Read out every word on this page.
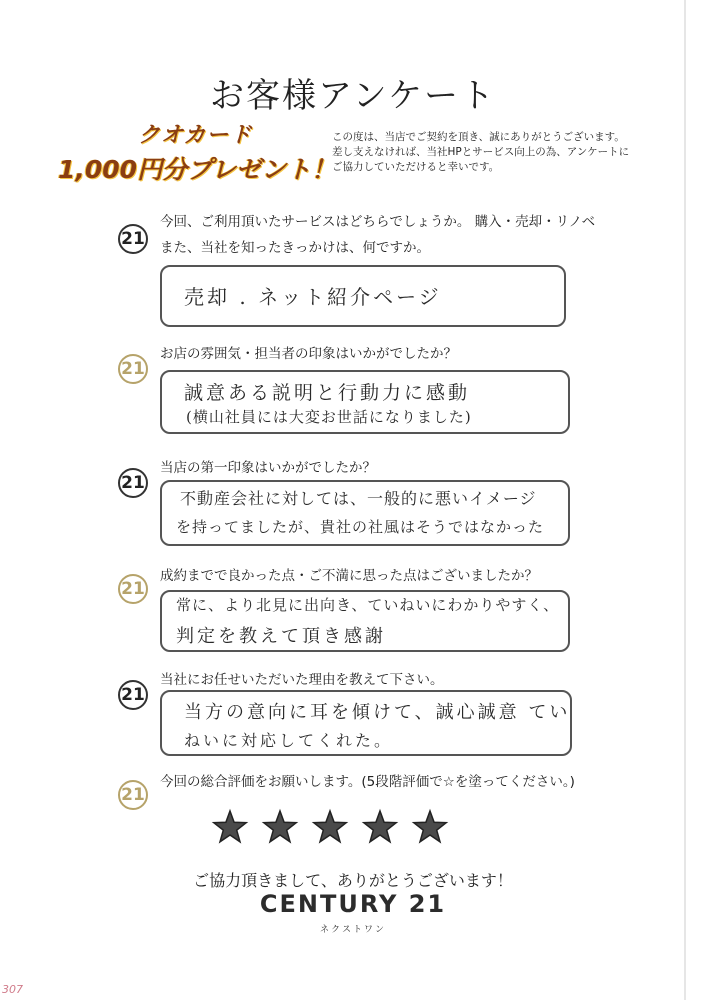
お客様アンケート
クオカード
1,000円分プレゼント！
この度は、当店でご契約を頂き、誠にありがとうございます。
差し支えなければ、当社HPとサービス向上の為、アンケートに
ご協力していただけると幸いです。
21
今回、ご利用頂いたサービスはどちらでしょうか。 購入・売却・リノベ
また、当社を知ったきっかけは、何ですか。
売却 . ネット紹介ページ
21
お店の雰囲気・担当者の印象はいかがでしたか？
誠意ある説明と行動力に感動
(横山社員には大変お世話になりました)
21
当店の第一印象はいかがでしたか？
不動産会社に対しては、一般的に悪いイメージ
を持ってましたが、貴社の社風はそうではなかった
21
成約までで良かった点・ご不満に思った点はございましたか？
常に、より北見に出向き、ていねいにわかりやすく、
判定を教えて頂き感謝
21
当社にお任せいただいた理由を教えて下さい。
当方の意向に耳を傾けて、誠心誠意 てい
ねいに対応してくれた。
21
今回の総合評価をお願いします。(5段階評価で☆を塗ってください。)
ご協力頂きまして、ありがとうございます！
CENTURY 21
ネクストワン
307
